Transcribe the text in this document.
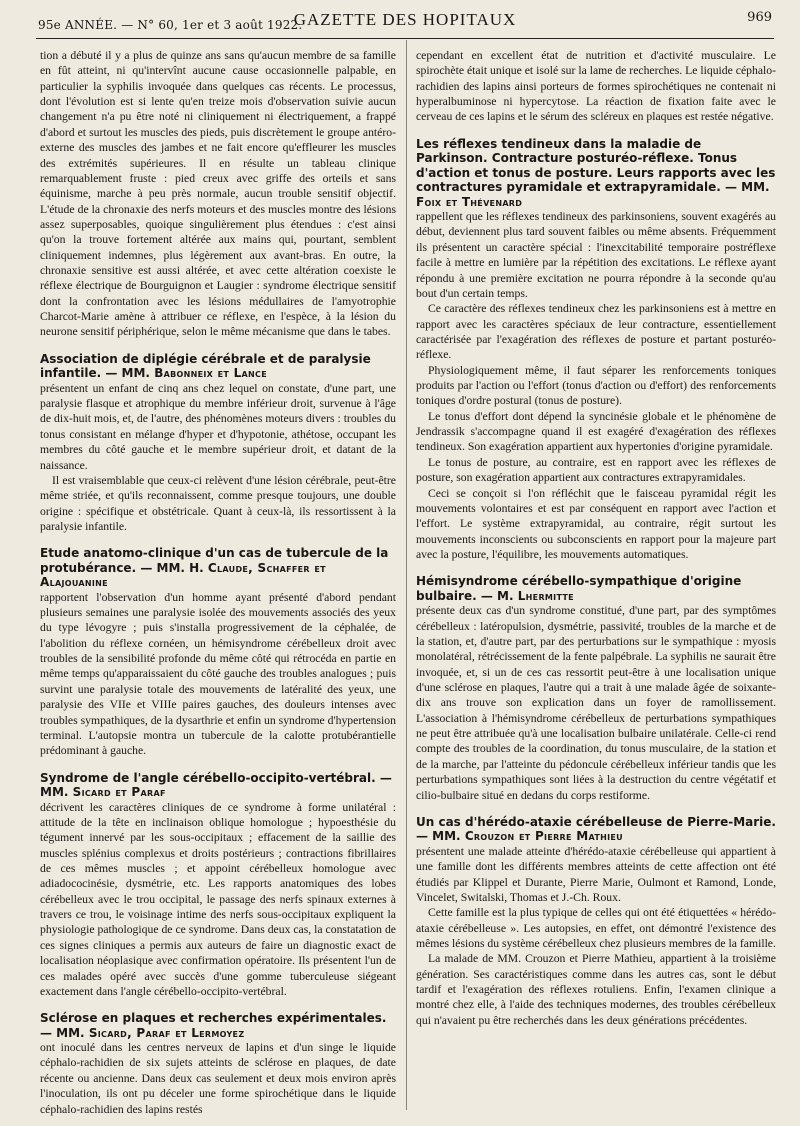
95e ANNÉE. — N° 60, 1er et 3 août 1922.
GAZETTE DES HOPITAUX	969

tion a débuté il y a plus de quinze ans sans qu'aucun membre de sa famille en fût atteint, ni qu'intervînt aucune cause occasionnelle palpable, en particulier la syphilis invoquée dans quelques cas récents. Le processus, dont l'évolution est si lente qu'en treize mois d'observation suivie aucun changement n'a pu être noté ni cliniquement ni électriquement, a frappé d'abord et surtout les muscles des pieds, puis discrètement le groupe antéro-externe des muscles des jambes et ne fait encore qu'effleurer les muscles des extrémités supérieures. Il en résulte un tableau clinique remarquablement fruste : pied creux avec griffe des orteils et sans équinisme, marche à peu près normale, aucun trouble sensitif objectif. L'étude de la chronaxie des nerfs moteurs et des muscles montre des lésions assez superposables, quoique singulièrement plus étendues : c'est ainsi qu'on la trouve fortement altérée aux mains qui, pourtant, semblent cliniquement indemnes, plus légèrement aux avant-bras. En outre, la chronaxie sensitive est aussi altérée, et avec cette altération coexiste le réflexe électrique de Bourguignon et Laugier : syndrome électrique sensitif dont la confrontation avec les lésions médullaires de l'amyotrophie Charcot-Marie amène à attribuer ce réflexe, en l'espèce, à la lésion du neurone sensitif périphérique, selon le même mécanisme que dans le tabes.

Association de diplégie cérébrale et de paralysie infantile. — MM. Babonneix et Lance
présentent un enfant de cinq ans chez lequel on constate, d'une part, une paralysie flasque et atrophique du membre inférieur droit, survenue à l'âge de dix-huit mois, et, de l'autre, des phénomènes moteurs divers : troubles du tonus consistant en mélange d'hyper et d'hypotonie, athétose, occupant les membres du côté gauche et le membre supérieur droit, et datant de la naissance.

Il est vraisemblable que ceux-ci relèvent d'une lésion cérébrale, peut-être même striée, et qu'ils reconnaissent, comme presque toujours, une double origine : spécifique et obstétricale. Quant à ceux-là, ils ressortissent à la paralysie infantile.

Etude anatomo-clinique d'un cas de tubercule de la protubérance. — MM. H. Claude, Schaffer et Alajouanine
rapportent l'observation d'un homme ayant présenté d'abord pendant plusieurs semaines une paralysie isolée des mouvements associés des yeux du type lévogyre ; puis s'installa progressivement de la céphalée, de l'abolition du réflexe cornéen, un hémisyndrome cérébelleux droit avec troubles de la sensibilité profonde du même côté qui rétrocéda en partie en même temps qu'apparaissaient du côté gauche des troubles analogues ; puis survint une paralysie totale des mouvements de latéralité des yeux, une paralysie des VIIe et VIIIe paires gauches, des douleurs intenses avec troubles sympathiques, de la dysarthrie et enfin un syndrome d'hypertension terminal. L'autopsie montra un tubercule de la calotte protubérantielle prédominant à gauche.

Syndrome de l'angle cérébello-occipito-vertébral. — MM. Sicard et Paraf
décrivent les caractères cliniques de ce syndrome à forme unilatéral : attitude de la tête en inclinaison oblique homologue ; hypoesthésie du tégument innervé par les sous-occipitaux ; effacement de la saillie des muscles splénius complexus et droits postérieurs ; contractions fibrillaires de ces mêmes muscles ; et appoint cérébelleux homologue avec adiadococinésie, dysmétrie, etc. Les rapports anatomiques des lobes cérébelleux avec le trou occipital, le passage des nerfs spinaux externes à travers ce trou, le voisinage intime des nerfs sous-occipitaux expliquent la physiologie pathologique de ce syndrome. Dans deux cas, la constatation de ces signes cliniques a permis aux auteurs de faire un diagnostic exact de localisation néoplasique avec confirmation opératoire. Ils présentent l'un de ces malades opéré avec succès d'une gomme tuberculeuse siégeant exactement dans l'angle cérébello-occipito-vertébral.

Sclérose en plaques et recherches expérimentales. — MM. Sicard, Paraf et Lermoyez
ont inoculé dans les centres nerveux de lapins et d'un singe le liquide céphalo-rachidien de six sujets atteints de sclérose en plaques, de date récente ou ancienne. Dans deux cas seulement et deux mois environ après l'inoculation, ils ont pu déceler une forme spirochétique dans le liquide céphalo-rachidien des lapins restés

cependant en excellent état de nutrition et d'activité musculaire. Le spirochète était unique et isolé sur la lame de recherches. Le liquide céphalo-rachidien des lapins ainsi porteurs de formes spirochétiques ne contenait ni hyperalbuminose ni hypercytose. La réaction de fixation faite avec le cerveau de ces lapins et le sérum des scléreux en plaques est restée négative.

Les réflexes tendineux dans la maladie de Parkinson. Contracture posturéo-réflexe. Tonus d'action et tonus de posture. Leurs rapports avec les contractures pyramidale et extrapyramidale. — MM. Foix et Thévenard
rappellent que les réflexes tendineux des parkinsoniens, souvent exagérés au début, deviennent plus tard souvent faibles ou même absents. Fréquemment ils présentent un caractère spécial : l'inexcitabilité temporaire postréflexe facile à mettre en lumière par la répétition des excitations. Le réflexe ayant répondu à une première excitation ne pourra répondre à la seconde qu'au bout d'un certain temps.

Ce caractère des réflexes tendineux chez les parkinsoniens est à mettre en rapport avec les caractères spéciaux de leur contracture, essentiellement caractérisée par l'exagération des réflexes de posture et partant posturéo-réflexe.

Physiologiquement même, il faut séparer les renforcements toniques produits par l'action ou l'effort (tonus d'action ou d'effort) des renforcements toniques d'ordre postural (tonus de posture).

Le tonus d'effort dont dépend la syncinésie globale et le phénomène de Jendrassik s'accompagne quand il est exagéré d'exagération des réflexes tendineux. Son exagération appartient aux hypertonies d'origine pyramidale.

Le tonus de posture, au contraire, est en rapport avec les réflexes de posture, son exagération appartient aux contractures extrapyramidales.

Ceci se conçoit si l'on réfléchit que le faisceau pyramidal régit les mouvements volontaires et est par conséquent en rapport avec l'action et l'effort. Le système extrapyramidal, au contraire, régit surtout les mouvements inconscients ou subconscients en rapport pour la majeure part avec la posture, l'équilibre, les mouvements automatiques.

Hémisyndrome cérébello-sympathique d'origine bulbaire. — M. Lhermitte
présente deux cas d'un syndrome constitué, d'une part, par des symptômes cérébelleux : latéropulsion, dysmétrie, passivité, troubles de la marche et de la station, et, d'autre part, par des perturbations sur le sympathique : myosis monolatéral, rétrécissement de la fente palpébrale. La syphilis ne saurait être invoquée, et, si un de ces cas ressortit peut-être à une localisation unique d'une sclérose en plaques, l'autre qui a trait à une malade âgée de soixante-dix ans trouve son explication dans un foyer de ramollissement. L'association à l'hémisyndrome cérébelleux de perturbations sympathiques ne peut être attribuée qu'à une localisation bulbaire unilatérale. Celle-ci rend compte des troubles de la coordination, du tonus musculaire, de la station et de la marche, par l'atteinte du pédoncule cérébelleux inférieur tandis que les perturbations sympathiques sont liées à la destruction du centre végétatif et cilio-bulbaire situé en dedans du corps restiforme.

Un cas d'hérédo-ataxie cérébelleuse de Pierre-Marie. — MM. Crouzon et Pierre Mathieu
présentent une malade atteinte d'hérédo-ataxie cérébelleuse qui appartient à une famille dont les différents membres atteints de cette affection ont été étudiés par Klippel et Durante, Pierre Marie, Oulmont et Ramond, Londe, Vincelet, Switalski, Thomas et J.-Ch. Roux.

Cette famille est la plus typique de celles qui ont été étiquettées « hérédo-ataxie cérébelleuse ». Les autopsies, en effet, ont démontré l'existence des mêmes lésions du système cérébelleux chez plusieurs membres de la famille.

La malade de MM. Crouzon et Pierre Mathieu, appartient à la troisième génération. Ses caractéristiques comme dans les autres cas, sont le début tardif et l'exagération des réflexes rotuliens. Enfin, l'examen clinique a montré chez elle, à l'aide des techniques modernes, des troubles cérébelleux qui n'avaient pu être recherchés dans les deux générations précédentes.
